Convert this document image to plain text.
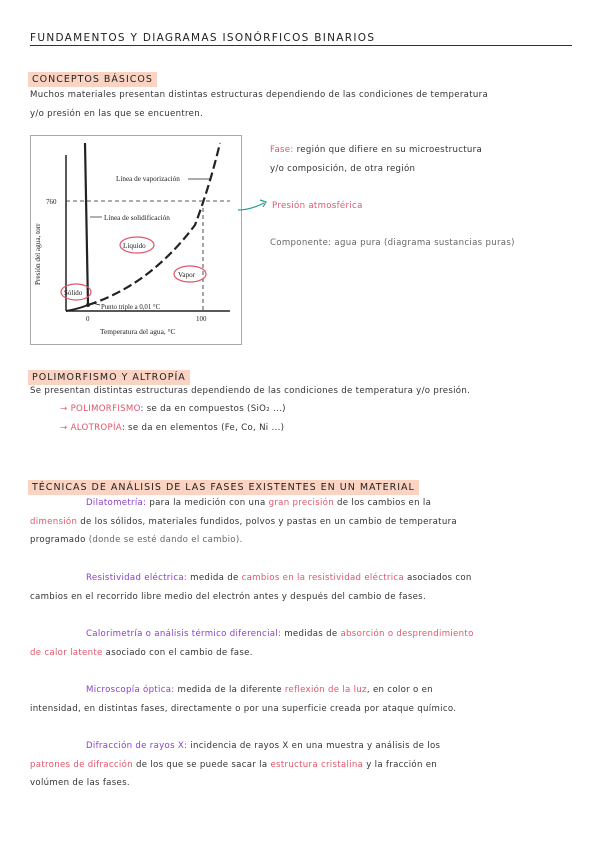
FUNDAMENTOS Y DIAGRAMAS ISONÓRFICOS BINARIOS
CONCEPTOS BÁSICOS
Muchos materiales presentan distintas estructuras dependiendo de las condiciones de temperatura
y/o presión en las que se encuentren.
Línea de vaporización
Línea de solidificación
Líquido
Vapor
Sólido
Punto triple a 0,01 °C
760
0	100
Temperatura del agua, °C
Presión del agua, torr
Fase: región que difiere en su microestructura
y/o composición, de otra región
Presión atmosférica
Componente: agua pura (diagrama sustancias puras)
POLIMORFISMO Y ALTROPÍA
Se presentan distintas estructuras dependiendo de las condiciones de temperatura y/o presión.
→ POLIMORFISMO: se da en compuestos (SiO₂ ...)
→ ALOTROPÍA: se da en elementos (Fe, Co, Ni ...)
TÉCNICAS DE ANÁLISIS DE LAS FASES EXISTENTES EN UN MATERIAL
Dilatometría: para la medición con una gran precisión de los cambios en la
dimensión de los sólidos, materiales fundidos, polvos y pastas en un cambio de temperatura
programado (donde se esté dando el cambio).
Resistividad eléctrica: medida de cambios en la resistividad eléctrica asociados con
cambios en el recorrido libre medio del electrón antes y después del cambio de fases.
Calorimetría o análisis térmico diferencial: medidas de absorción o desprendimiento
de calor latente asociado con el cambio de fase.
Microscopía óptica: medida de la diferente reflexión de la luz, en color o en
intensidad, en distintas fases, directamente o por una superficie creada por ataque químico.
Difracción de rayos X: incidencia de rayos X en una muestra y análisis de los
patrones de difracción de los que se puede sacar la estructura cristalina y la fracción en
volúmen de las fases.
